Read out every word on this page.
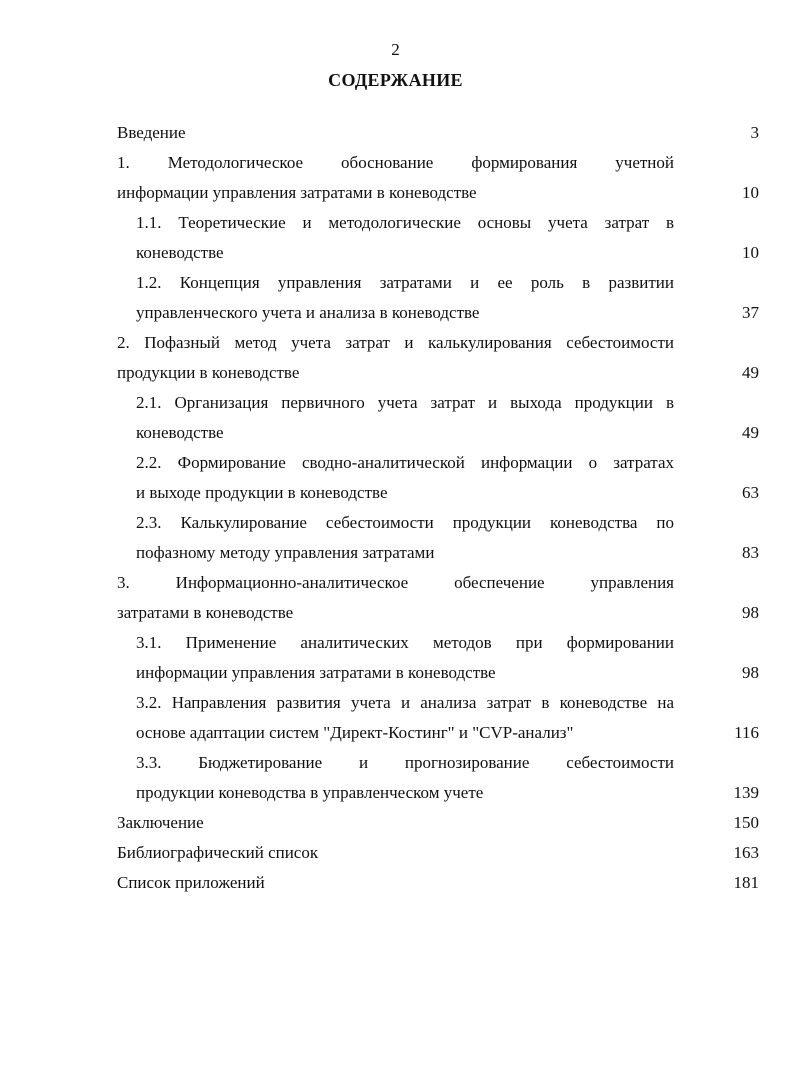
2
СОДЕРЖАНИЕ
Введение	3
1. Методологическое обоснование формирования учетной
информации управления затратами в коневодстве	10
1.1. Теоретические и методологические основы учета затрат в
коневодстве	10
1.2. Концепция управления затратами и ее роль в развитии
управленческого учета и анализа в коневодстве	37
2. Пофазный метод учета затрат и калькулирования себестоимости
продукции в коневодстве	49
2.1. Организация первичного учета затрат и выхода продукции в
коневодстве	49
2.2. Формирование сводно-аналитической информации о затратах
и выходе продукции в коневодстве	63
2.3. Калькулирование себестоимости продукции коневодства по
пофазному методу управления затратами	83
3. Информационно-аналитическое обеспечение управления
затратами в коневодстве	98
3.1. Применение аналитических методов при формировании
информации управления затратами в коневодстве	98
3.2. Направления развития учета и анализа затрат в коневодстве на
основе адаптации систем "Директ-Костинг" и "CVP-анализ"	116
3.3. Бюджетирование и прогнозирование себестоимости
продукции коневодства в управленческом учете	139
Заключение	150
Библиографический список	163
Список приложений	181
